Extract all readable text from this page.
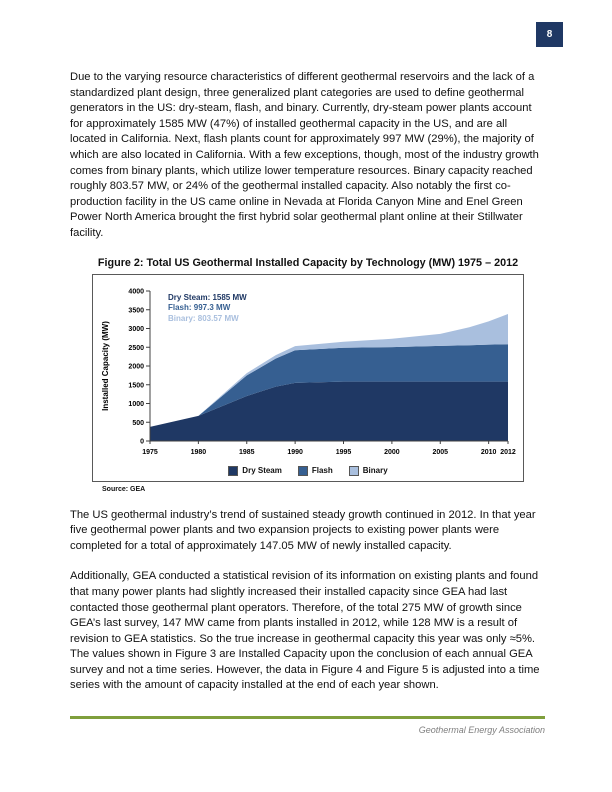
8

Due to the varying resource characteristics of different geothermal reservoirs and the lack of a standardized plant design, three generalized plant categories are used to define geothermal generators in the US: dry-steam, flash, and binary. Currently, dry-steam power plants account for approximately 1585 MW (47%) of installed geothermal capacity in the US, and are all located in California. Next, flash plants count for approximately 997 MW (29%), the majority of which are also located in California. With a few exceptions, though, most of the industry growth comes from binary plants, which utilize lower temperature resources. Binary capacity reached roughly 803.57 MW, or 24% of the geothermal installed capacity. Also notably the first co-production facility in the US came online in Nevada at Florida Canyon Mine and Enel Green Power North America brought the first hybrid solar geothermal plant online at their Stillwater facility.

Figure 2: Total US Geothermal Installed Capacity by Technology (MW) 1975 – 2012
0
500
1000
1500
2000
2500
3000
3500
4000
1975	1980	1985	1990	1995	2000	2005	2010 2012
Installed Capacity (MW)
Dry Steam: 1585 MW
Flash: 997.3 MW
Binary: 803.57 MW
Dry Steam	Flash	Binary
Source: GEA

The US geothermal industry’s trend of sustained steady growth continued in 2012. In that year five geothermal power plants and two expansion projects to existing power plants were completed for a total of approximately 147.05 MW of newly installed capacity.

Additionally, GEA conducted a statistical revision of its information on existing plants and found that many power plants had slightly increased their installed capacity since GEA had last contacted those geothermal plant operators. Therefore, of the total 275 MW of growth since GEA’s last survey, 147 MW came from plants installed in 2012, while 128 MW is a result of revision to GEA statistics. So the true increase in geothermal capacity this year was only ≈5%. The values shown in Figure 3 are Installed Capacity upon the conclusion of each annual GEA survey and not a time series. However, the data in Figure 4 and Figure 5 is adjusted into a time series with the amount of capacity installed at the end of each year shown.

Geothermal Energy Association
